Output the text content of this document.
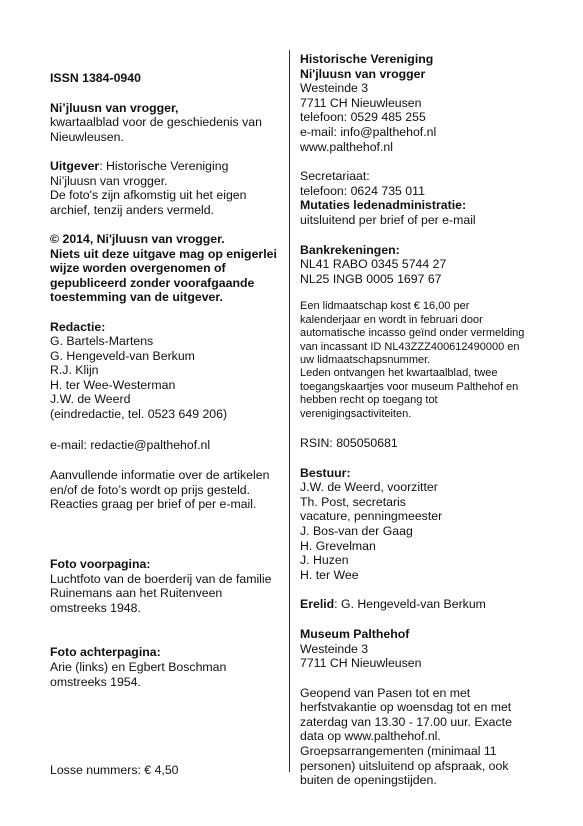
ISSN 1384-0940
Ni’jluusn van vrogger,
kwartaalblad voor de geschiedenis van
Nieuwleusen.
Uitgever: Historische Vereniging
Ni’jluusn van vrogger.
De foto's zijn afkomstig uit het eigen
archief, tenzij anders vermeld.
© 2014, Ni'jluusn van vrogger.
Niets uit deze uitgave mag op enigerlei
wijze worden overgenomen of
gepubliceerd zonder voorafgaande
toestemming van de uitgever.
Redactie:
G. Bartels-Martens
G. Hengeveld-van Berkum
R.J. Klijn
H. ter Wee-Westerman
J.W. de Weerd
(eindredactie, tel. 0523 649 206)
e-mail: redactie@palthehof.nl
Aanvullende informatie over de artikelen
en/of de foto’s wordt op prijs gesteld.
Reacties graag per brief of per e-mail.
Foto voorpagina:
Luchtfoto van de boerderij van de familie
Ruinemans aan het Ruitenveen
omstreeks 1948.
Foto achterpagina:
Arie (links) en Egbert Boschman
omstreeks 1954.
Losse nummers: € 4,50
Historische Vereniging
Ni'jluusn van vrogger
Westeinde 3
7711 CH Nieuwleusen
telefoon: 0529 485 255
e-mail: info@palthehof.nl
www.palthehof.nl
Secretariaat:
telefoon: 0624 735 011
Mutaties ledenadministratie:
uitsluitend per brief of per e-mail
Bankrekeningen:
NL41 RABO 0345 5744 27
NL25 INGB 0005 1697 67
Een lidmaatschap kost € 16,00 per
kalenderjaar en wordt in februari door
automatische incasso geïnd onder vermelding
van incassant ID NL43ZZZ400612490000 en
uw lidmaatschapsnummer.
Leden ontvangen het kwartaalblad, twee
toegangskaartjes voor museum Palthehof en
hebben recht op toegang tot
verenigingsactiviteiten.
RSIN: 805050681
Bestuur:
J.W. de Weerd, voorzitter
Th. Post, secretaris
vacature, penningmeester
J. Bos-van der Gaag
H. Grevelman
J. Huzen
H. ter Wee
Erelid: G. Hengeveld-van Berkum
Museum Palthehof
Westeinde 3
7711 CH Nieuwleusen
Geopend van Pasen tot en met
herfstvakantie op woensdag tot en met
zaterdag van 13.30 - 17.00 uur. Exacte
data op www.palthehof.nl.
Groepsarrangementen (minimaal 11
personen) uitsluitend op afspraak, ook
buiten de openingstijden.
